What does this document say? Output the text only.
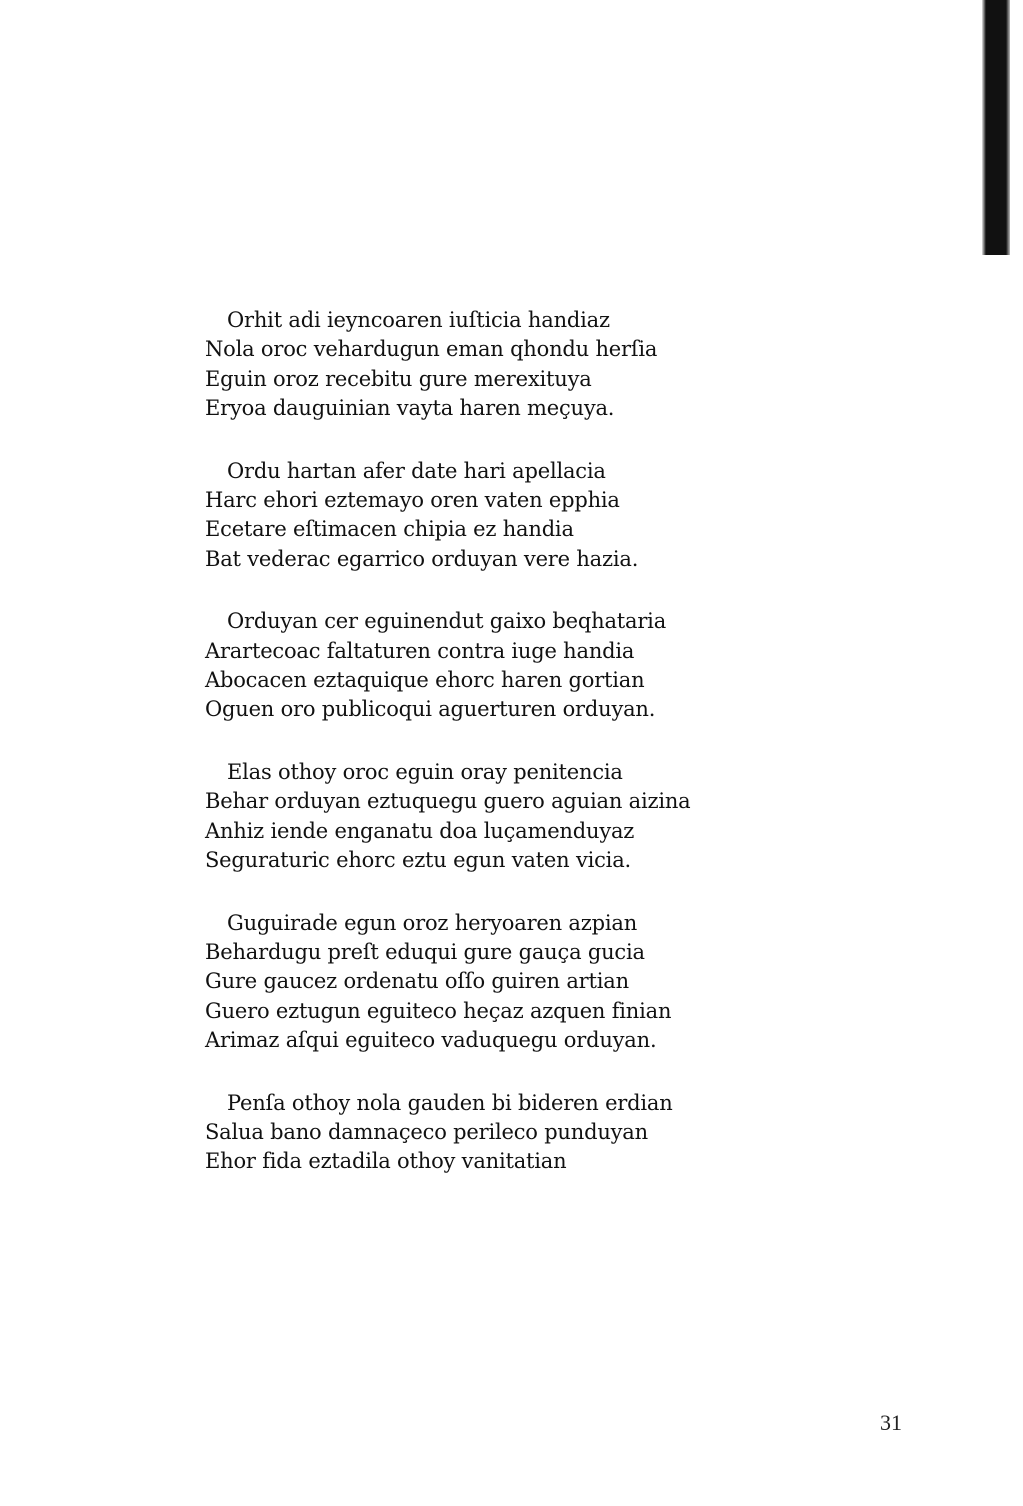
Orhit adi ieyncoaren iuſticia handiaz
Nola oroc vehardugun eman qhondu herſia
Eguin oroz recebitu gure merexituya
Eryoa dauguinian vayta haren meçuya.
Ordu hartan afer date hari apellacia
Harc ehori eztemayo oren vaten epphia
Ecetare eſtimacen chipia ez handia
Bat vederac egarrico orduyan vere hazia.
Orduyan cer eguinendut gaixo beqhataria
Arartecoac faltaturen contra iuge handia
Abocacen eztaquique ehorc haren gortian
Oguen oro publicoqui aguerturen orduyan.
Elas othoy oroc eguin oray penitencia
Behar orduyan eztuquegu guero aguian aizina
Anhiz iende enganatu doa luçamenduyaz
Seguraturic ehorc eztu egun vaten vicia.
Guguirade egun oroz heryoaren azpian
Behardugu preſt eduqui gure gauça gucia
Gure gaucez ordenatu oſſo guiren artian
Guero eztugun eguiteco heçaz azquen finian
Arimaz aſqui eguiteco vaduquegu orduyan.
Penſa othoy nola gauden bi bideren erdian
Salua bano damnaçeco perileco punduyan
Ehor fida eztadila othoy vanitatian
31
